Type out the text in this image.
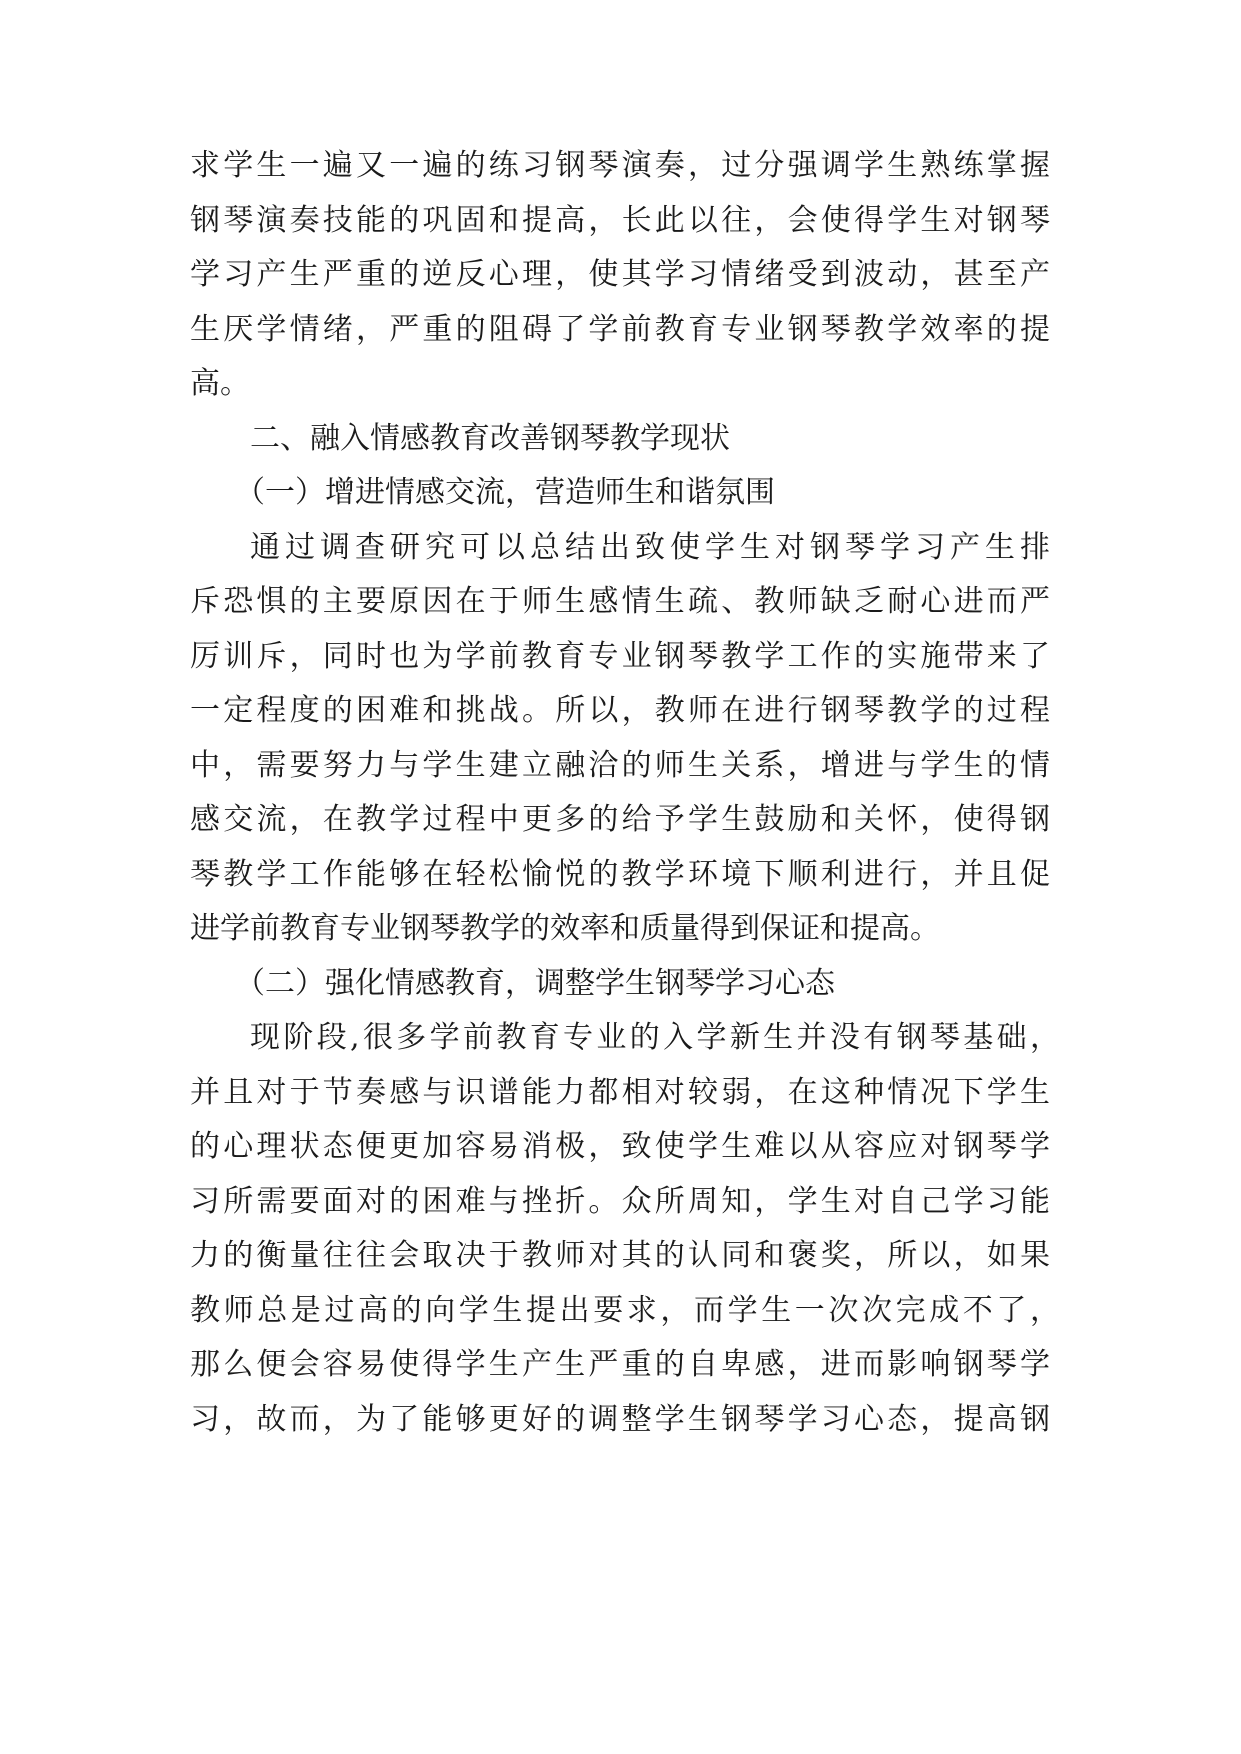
求学生一遍又一遍的练习钢琴演奏，过分强调学生熟练掌握
钢琴演奏技能的巩固和提高，长此以往，会使得学生对钢琴
学习产生严重的逆反心理，使其学习情绪受到波动，甚至产
生厌学情绪，严重的阻碍了学前教育专业钢琴教学效率的提
高。
二、融入情感教育改善钢琴教学现状
（一）增进情感交流，营造师生和谐氛围
通过调查研究可以总结出致使学生对钢琴学习产生排
斥恐惧的主要原因在于师生感情生疏、教师缺乏耐心进而严
厉训斥，同时也为学前教育专业钢琴教学工作的实施带来了
一定程度的困难和挑战。所以，教师在进行钢琴教学的过程
中，需要努力与学生建立融洽的师生关系，增进与学生的情
感交流，在教学过程中更多的给予学生鼓励和关怀，使得钢
琴教学工作能够在轻松愉悦的教学环境下顺利进行，并且促
进学前教育专业钢琴教学的效率和质量得到保证和提高。
（二）强化情感教育，调整学生钢琴学习心态
现阶段,很多学前教育专业的入学新生并没有钢琴基础，
并且对于节奏感与识谱能力都相对较弱，在这种情况下学生
的心理状态便更加容易消极，致使学生难以从容应对钢琴学
习所需要面对的困难与挫折。众所周知，学生对自己学习能
力的衡量往往会取决于教师对其的认同和褒奖，所以，如果
教师总是过高的向学生提出要求，而学生一次次完成不了，
那么便会容易使得学生产生严重的自卑感，进而影响钢琴学
习，故而，为了能够更好的调整学生钢琴学习心态，提高钢
